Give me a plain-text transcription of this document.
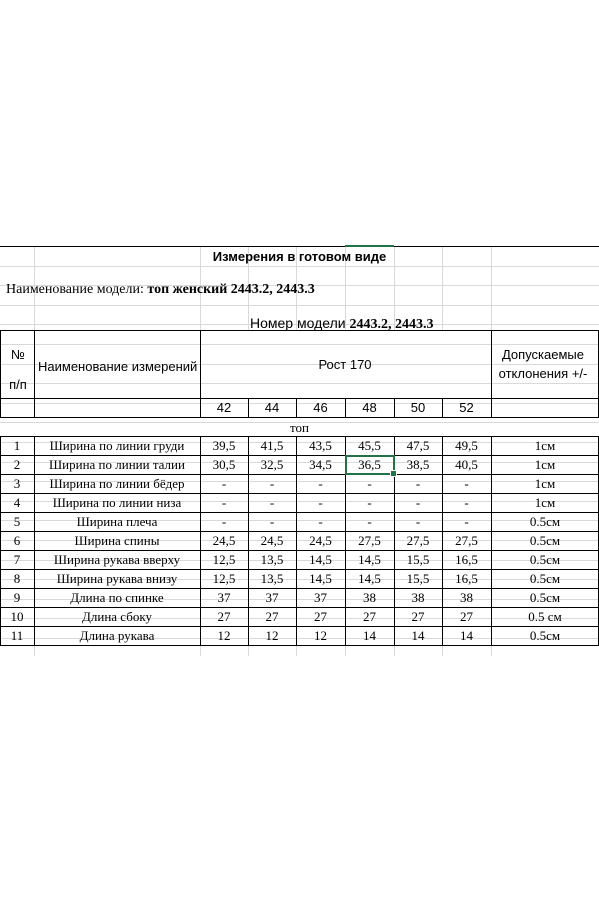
Измерения в готовом виде
Наименование модели: топ женский 2443.2, 2443.3
Номер модели 2443.2, 2443.3
№
п/п
Наименование измерений	Рост 170
Допускаемые
отклонения +/-
42	44	46	48	50	52
топ
1	Ширина по линии груди	39,5	41,5	43,5	45,5	47,5	49,5	1см
2	Ширина по линии талии	30,5	32,5	34,5	36,5	38,5	40,5	1см
3	Ширина по линии бёдер	-	-	-	-	-	-	1см
4	Ширина по линии низа	-	-	-	-	-	-	1см
5	Ширина плеча	-	-	-	-	-	-	0.5см
6	Ширина спины	24,5	24,5	24,5	27,5	27,5	27,5	0.5см
7	Ширина рукава вверху	12,5	13,5	14,5	14,5	15,5	16,5	0.5см
8	Ширина рукава внизу	12,5	13,5	14,5	14,5	15,5	16,5	0.5см
9	Длина по спинке	37	37	37	38	38	38	0.5см
10	Длина сбоку	27	27	27	27	27	27	0.5 см
11	Длина рукава	12	12	12	14	14	14	0.5см
